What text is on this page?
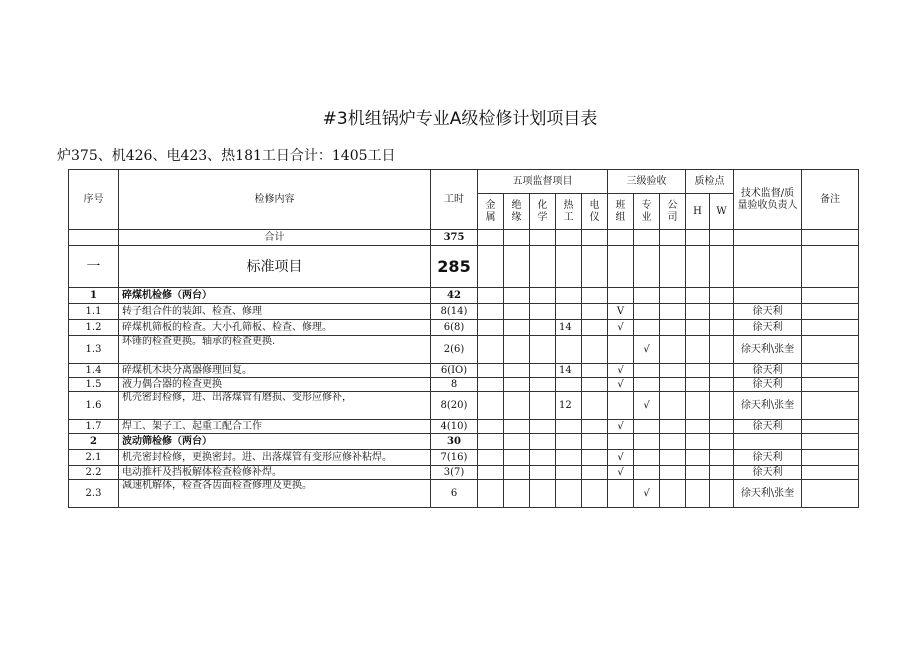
#3机组锅炉专业A级检修计划项目表
炉375、机426、电423、热181工日合计：1405工日
序号	检修内容	工时	五项监督项目					三级验收			质检点		技术监督/质量验收负责人	备注
			金属	绝缘	化学	热工	电仪	班组	专业	公司	H	W		
	合计	375												
一	标准项目	285												
1	碎煤机检修（两台）	42												
1.1	转子组合件的装卸、检查、修理	8(14)						V					徐天利	
1.2	碎煤机筛板的检查。大小孔筛板、检查、修理。	6(8)				14		√					徐天利	
1.3	环锤的检查更换。轴承的检查更换.	2(6)							√				徐天利\张奎	
1.4	碎煤机木块分离器修理回复。	6(IO)				14		√					徐天利	
1.5	液力偶合器的检查更换	8						√					徐天利	
1.6	机壳密封检修，进、出落煤管有磨损、变形应修补，	8(20)				12			√				徐天利\张奎	
1.7	焊工、架子工、起重工配合工作	4(10)						√					徐天利	
2	波动筛检修（两台）	30												
2.1	机壳密封检修，更换密封。进、出落煤管有变形应修补粘焊。	7(16)						√					徐天利	
2.2	电动推杆及挡板解体检查检修补焊。	3(7)						√					徐天利	
2.3	减速机解体，检查各齿面检查修理及更换。	6							√				徐天利\张奎	
